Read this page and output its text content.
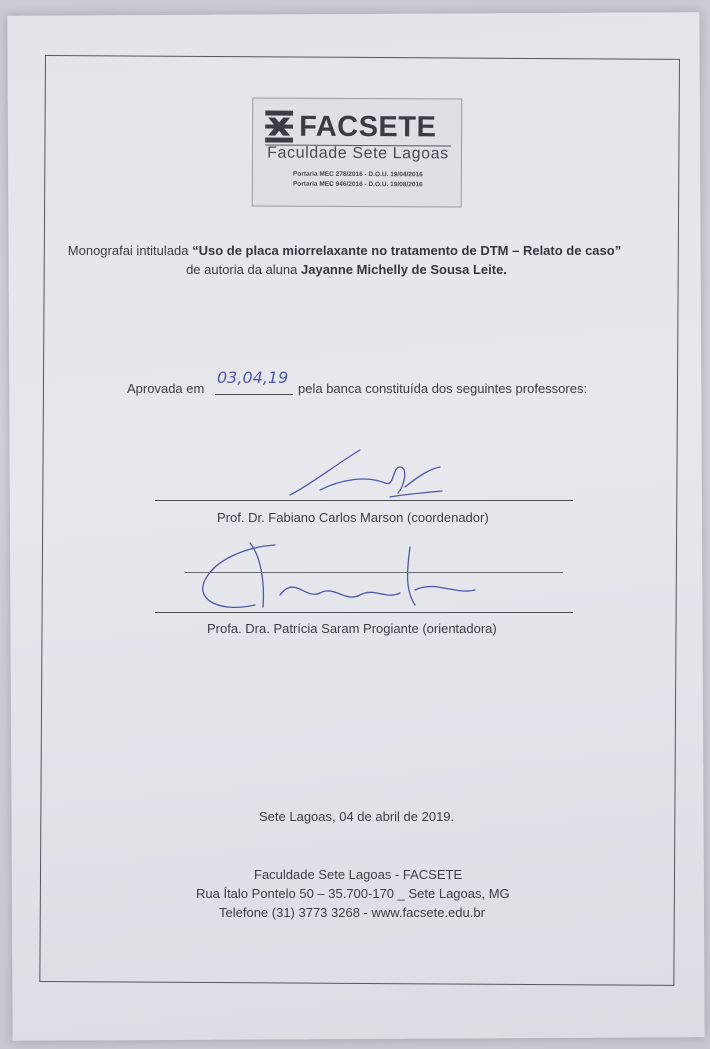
FACSETE
Faculdade Sete Lagoas
Portaria MEC 278/2016 - D.O.U. 19/04/2016
Portaria MEC 946/2016 - D.O.U. 19/08/2016
Monografai intitulada “Uso de placa miorrelaxante no tratamento de DTM – Relato de caso”
de autoria da aluna Jayanne Michelly de Sousa Leite.
Aprovada em
03,04,19
pela banca constituída dos seguintes professores:
Prof. Dr. Fabiano Carlos Marson (coordenador)
Profa. Dra. Patrícia Saram Progiante (orientadora)
Sete Lagoas, 04 de abril de 2019.
Faculdade Sete Lagoas - FACSETE
Rua Ítalo Pontelo 50 – 35.700-170 _ Sete Lagoas, MG
Telefone (31) 3773 3268 - www.facsete.edu.br
